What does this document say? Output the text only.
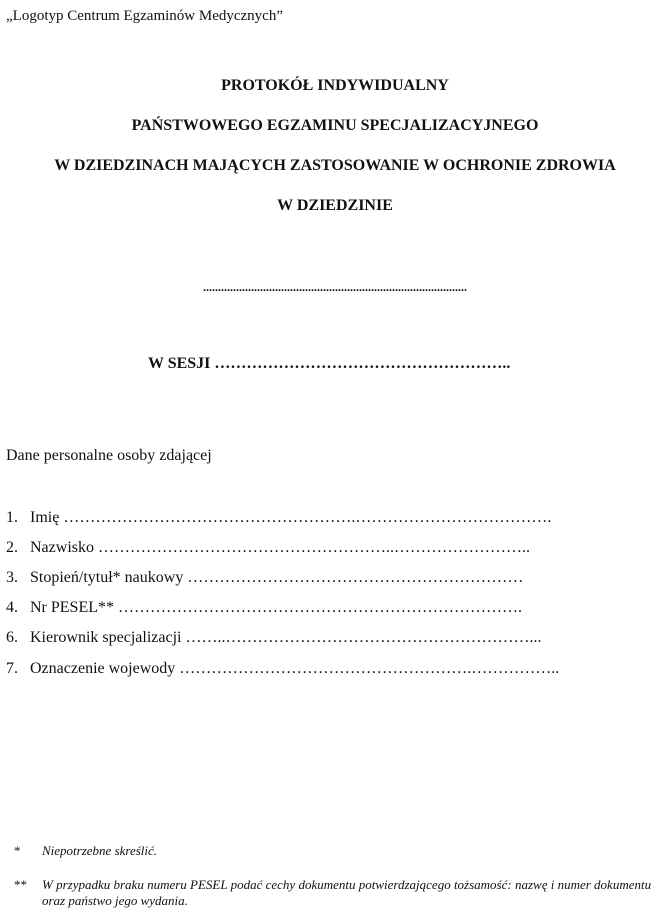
„Logotyp Centrum Egzaminów Medycznych”
PROTOKÓŁ INDYWIDUALNY
PAŃSTWOWEGO EGZAMINU SPECJALIZACYJNEGO
W DZIEDZINACH MAJĄCYCH ZASTOSOWANIE W OCHRONIE ZDROWIA
W DZIEDZINIE
........................................................................................
W SESJI ………………………………………………..
Dane personalne osoby zdającej
1. Imię ……………………………………………….……………………………….
2. Nazwisko ………………………………………………..……………………..
3. Stopień/tytuł* naukowy ………………………………………………………
4. Nr PESEL** ………………………………………………………………….
6. Kierownik specjalizacji ……..…………………………………………………...
7. Oznaczenie wojewody ……………………………………………….……………..
* Niepotrzebne skreślić.
** W przypadku braku numeru PESEL podać cechy dokumentu potwierdzającego tożsamość: nazwę i numer dokumentu oraz państwo jego wydania.
